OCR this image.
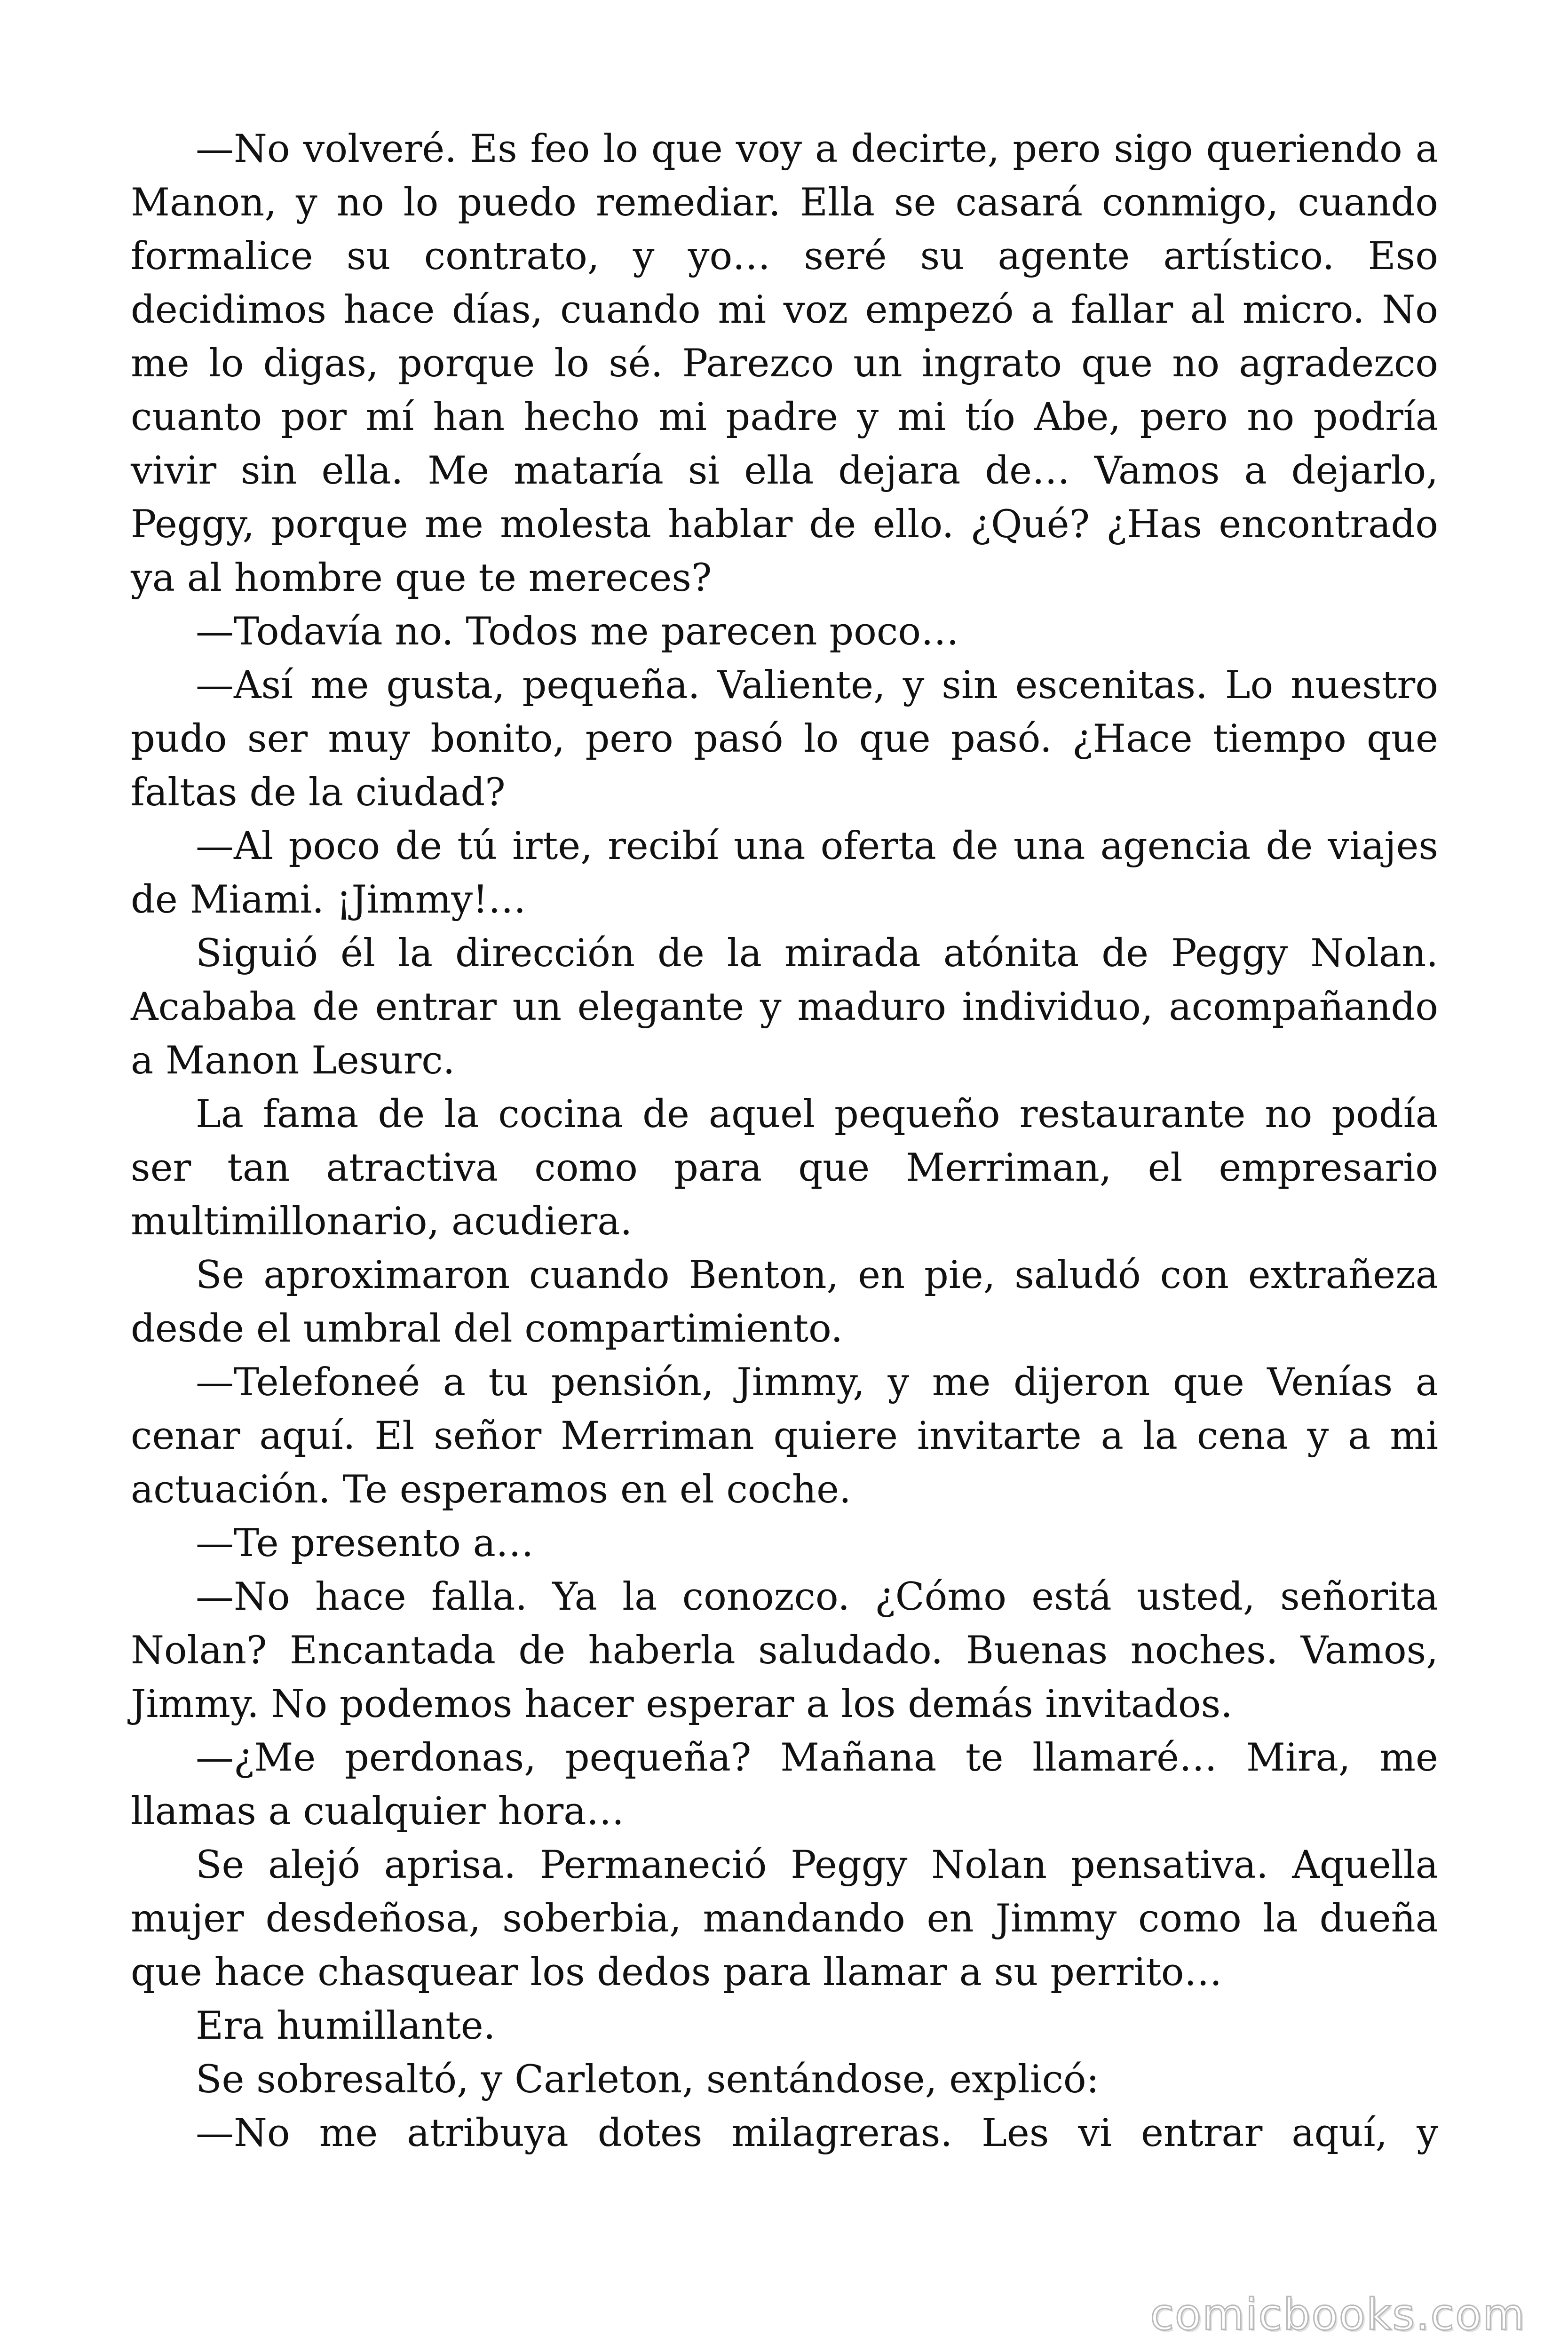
—No volveré. Es feo lo que voy a decirte, pero sigo queriendo a Manon, y no lo puedo remediar. Ella se casará conmigo, cuando formalice su contrato, y yo… seré su agente artístico. Eso decidimos hace días, cuando mi voz empezó a fallar al micro. No me lo digas, porque lo sé. Parezco un ingrato que no agradezco cuanto por mí han hecho mi padre y mi tío Abe, pero no podría vivir sin ella. Me mataría si ella dejara de… Vamos a dejarlo, Peggy, porque me molesta hablar de ello. ¿Qué? ¿Has encontrado ya al hombre que te mereces?

—Todavía no. Todos me parecen poco…

—Así me gusta, pequeña. Valiente, y sin escenitas. Lo nuestro pudo ser muy bonito, pero pasó lo que pasó. ¿Hace tiempo que faltas de la ciudad?

—Al poco de tú irte, recibí una oferta de una agencia de viajes de Miami. ¡Jimmy!…

Siguió él la dirección de la mirada atónita de Peggy Nolan. Acababa de entrar un elegante y maduro individuo, acompañando a Manon Lesurc.

La fama de la cocina de aquel pequeño restaurante no podía ser tan atractiva como para que Merriman, el empresario multimillonario, acudiera.

Se aproximaron cuando Benton, en pie, saludó con extrañeza desde el umbral del compartimiento.

—Telefoneé a tu pensión, Jimmy, y me dijeron que Venías a cenar aquí. El señor Merriman quiere invitarte a la cena y a mi actuación. Te esperamos en el coche.

—Te presento a…

—No hace falla. Ya la conozco. ¿Cómo está usted, señorita Nolan? Encantada de haberla saludado. Buenas noches. Vamos, Jimmy. No podemos hacer esperar a los demás invitados.

—¿Me perdonas, pequeña? Mañana te llamaré… Mira, me llamas a cualquier hora…

Se alejó aprisa. Permaneció Peggy Nolan pensativa. Aquella mujer desdeñosa, soberbia, mandando en Jimmy como la dueña que hace chasquear los dedos para llamar a su perrito…

Era humillante.

Se sobresaltó, y Carleton, sentándose, explicó:

—No me atribuya dotes milagreras. Les vi entrar aquí, y

comicbooks.com
